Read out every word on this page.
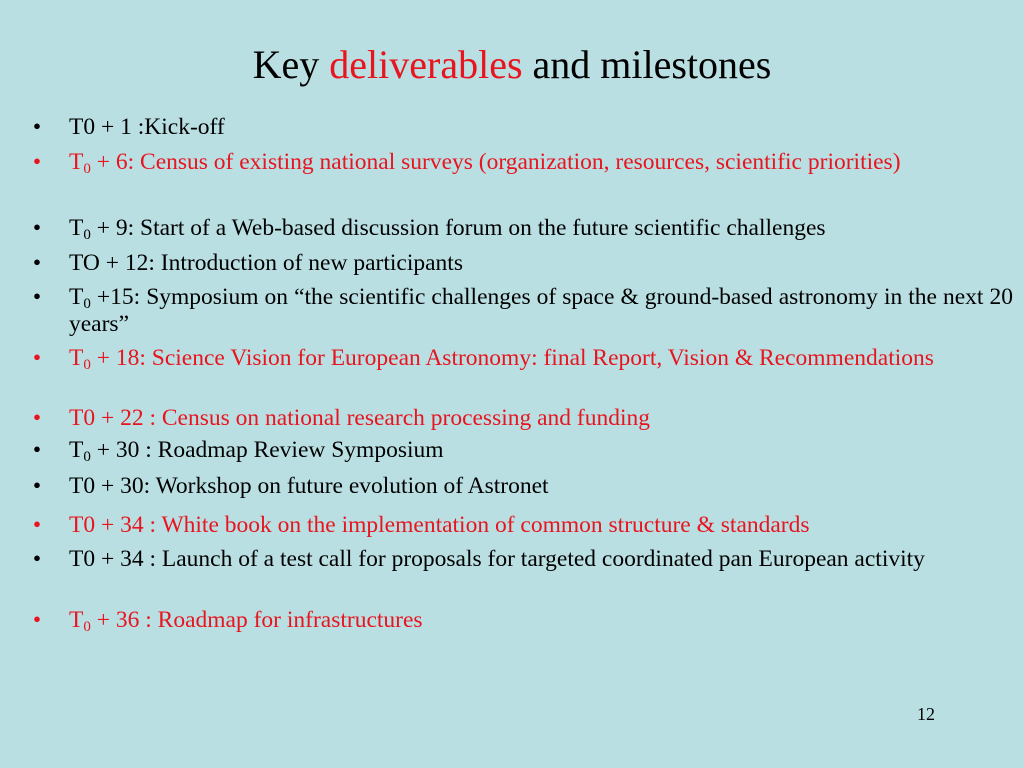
Key deliverables and milestones
• T0 + 1 :Kick-off
• $T_0 + 6$: Census of existing national surveys (organization, resources, scientific priorities)
• $T_0 + 9$: Start of a Web-based discussion forum on the future scientific challenges
• TO + 12: Introduction of new participants
• $T_0 +15$: Symposium on “the scientific challenges of space & ground-based astronomy in the next 20 years”
• $T_0 + 18$: Science Vision for European Astronomy: final Report, Vision & Recommendations
• T0 + 22 : Census on national research processing and funding
• $T_0 + 30$ : Roadmap Review Symposium
• T0 + 30: Workshop on future evolution of Astronet
• T0 + 34 : White book on the implementation of common structure & standards
• T0 + 34 : Launch of a test call for proposals for targeted coordinated pan European activity
• $T_0 + 36$ : Roadmap for infrastructures
12
